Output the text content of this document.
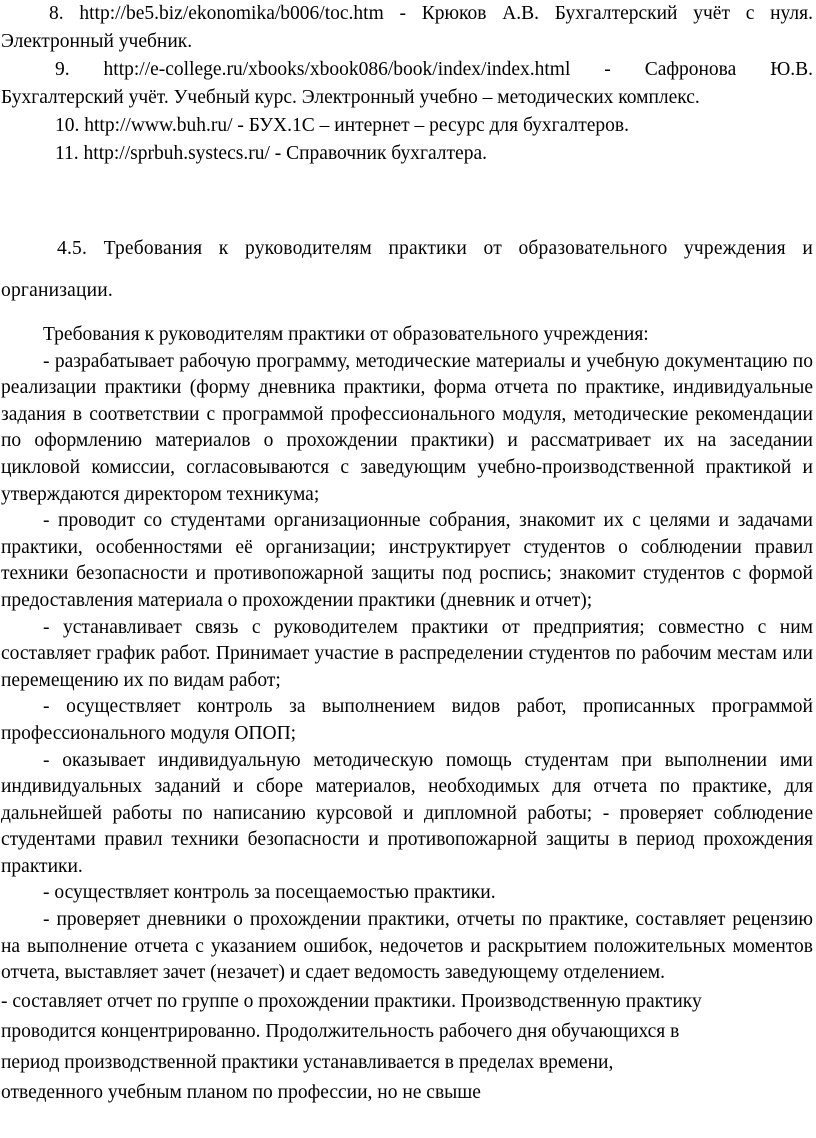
8. http://be5.biz/ekonomika/b006/toc.htm - Крюков А.В. Бухгалтерский учёт с нуля. Электронный учебник.

9. http://e-college.ru/xbooks/xbook086/book/index/index.html - Сафронова Ю.В. Бухгалтерский учёт. Учебный курс. Электронный учебно – методических комплекс.

10. http://www.buh.ru/ - БУХ.1С – интернет – ресурс для бухгалтеров.

11. http://sprbuh.systecs.ru/ - Справочник бухгалтера.

4.5. Требования к руководителям практики от образовательного учреждения и организации.

Требования к руководителям практики от образовательного учреждения:

- разрабатывает рабочую программу, методические материалы и учебную документацию по реализации практики (форму дневника практики, форма отчета по практике, индивидуальные задания в соответствии с программой профессионального модуля, методические рекомендации по оформлению материалов о прохождении практики) и рассматривает их на заседании цикловой комиссии, согласовываются с заведующим учебно-производственной практикой и утверждаются директором техникума;

- проводит со студентами организационные собрания, знакомит их с целями и задачами практики, особенностями её организации; инструктирует студентов о соблюдении правил техники безопасности и противопожарной защиты под роспись; знакомит студентов с формой предоставления материала о прохождении практики (дневник и отчет);

- устанавливает связь с руководителем практики от предприятия; совместно с ним составляет график работ. Принимает участие в распределении студентов по рабочим местам или перемещению их по видам работ;

- осуществляет контроль за выполнением видов работ, прописанных программой профессионального модуля ОПОП;

- оказывает индивидуальную методическую помощь студентам при выполнении ими индивидуальных заданий и сборе материалов, необходимых для отчета по практике, для дальнейшей работы по написанию курсовой и дипломной работы; - проверяет соблюдение студентами правил техники безопасности и противопожарной защиты в период прохождения практики.

- осуществляет контроль за посещаемостью практики.

- проверяет дневники о прохождении практики, отчеты по практике, составляет рецензию на выполнение отчета с указанием ошибок, недочетов и раскрытием положительных моментов отчета, выставляет зачет (незачет) и сдает ведомость заведующему отделением.

- составляет отчет по группе о прохождении практики. Производственную практику

проводится концентрированно. Продолжительность рабочего дня обучающихся в

период производственной практики устанавливается в пределах времени,

отведенного учебным планом по профессии, но не свыше
